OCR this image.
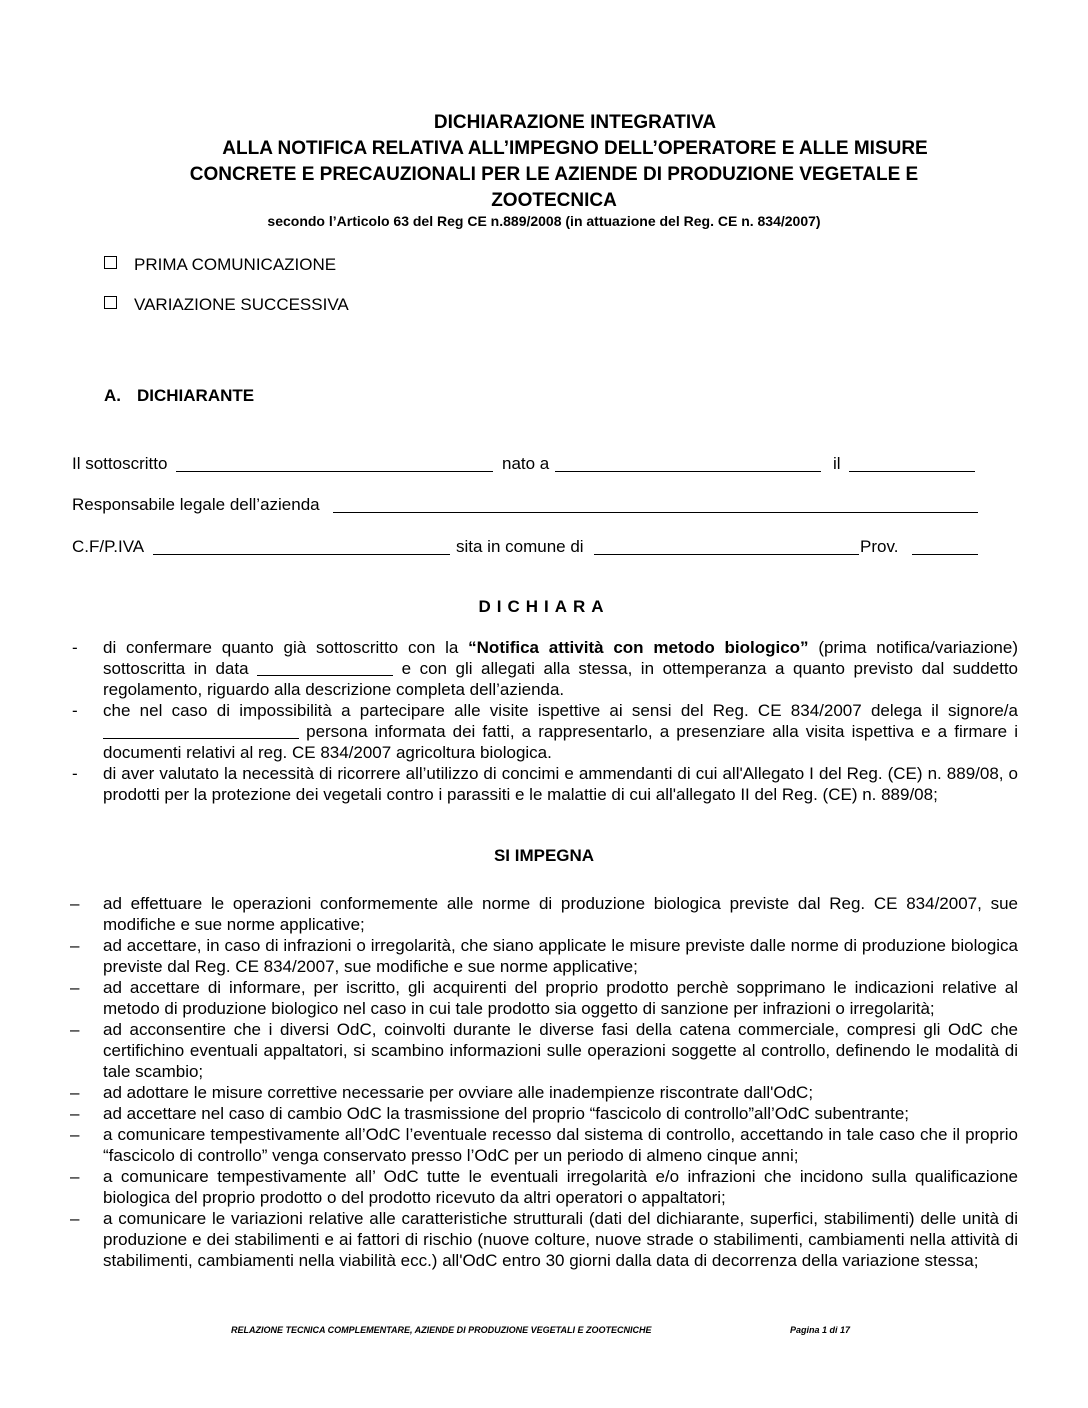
DICHIARAZIONE INTEGRATIVA
ALLA NOTIFICA RELATIVA ALL’IMPEGNO DELL’OPERATORE E ALLE MISURE
CONCRETE E PRECAUZIONALI PER LE AZIENDE DI PRODUZIONE VEGETALE E
ZOOTECNICA
secondo l’Articolo 63 del Reg CE n.889/2008 (in attuazione del Reg. CE n. 834/2007)
PRIMA COMUNICAZIONE
VARIAZIONE SUCCESSIVA
A. DICHIARANTE
Il sottoscritto	nato a	il
Responsabile legale dell’azienda
C.F/P.IVA	sita in comune di	Prov.
DICHIARA
- di confermare quanto già sottoscritto con la “Notifica attività con metodo biologico” (prima notifica/variazione) sottoscritta in data	e con gli allegati alla stessa, in ottemperanza a quanto previsto dal suddetto regolamento, riguardo alla descrizione completa dell’azienda.
- che nel caso di impossibilità a partecipare alle visite ispettive ai sensi del Reg. CE 834/2007 delega il signore/a persona informata dei fatti, a rappresentarlo, a presenziare alla visita ispettiva e a firmare i documenti relativi al reg. CE 834/2007 agricoltura biologica.
- di aver valutato la necessità di ricorrere all’utilizzo di concimi e ammendanti di cui all'Allegato I del Reg. (CE) n. 889/08, o prodotti per la protezione dei vegetali contro i parassiti e le malattie di cui all'allegato II del Reg. (CE) n. 889/08;
SI IMPEGNA
– ad effettuare le operazioni conformemente alle norme di produzione biologica previste dal Reg. CE 834/2007, sue modifiche e sue norme applicative;
– ad accettare, in caso di infrazioni o irregolarità, che siano applicate le misure previste dalle norme di produzione biologica previste dal Reg. CE 834/2007, sue modifiche e sue norme applicative;
– ad accettare di informare, per iscritto, gli acquirenti del proprio prodotto perchè sopprimano le indicazioni relative al metodo di produzione biologico nel caso in cui tale prodotto sia oggetto di sanzione per infrazioni o irregolarità;
– ad acconsentire che i diversi OdC, coinvolti durante le diverse fasi della catena commerciale, compresi gli OdC che certifichino eventuali appaltatori, si scambino informazioni sulle operazioni soggette al controllo, definendo le modalità di tale scambio;
– ad adottare le misure correttive necessarie per ovviare alle inadempienze riscontrate dall'OdC;
– ad accettare nel caso di cambio OdC la trasmissione del proprio “fascicolo di controllo”all’OdC subentrante;
– a comunicare tempestivamente all’OdC l’eventuale recesso dal sistema di controllo, accettando in tale caso che il proprio “fascicolo di controllo” venga conservato presso l’OdC per un periodo di almeno cinque anni;
– a comunicare tempestivamente all’ OdC tutte le eventuali irregolarità e/o infrazioni che incidono sulla qualificazione biologica del proprio prodotto o del prodotto ricevuto da altri operatori o appaltatori;
– a comunicare le variazioni relative alle caratteristiche strutturali (dati del dichiarante, superfici, stabilimenti) delle unità di produzione e dei stabilimenti e ai fattori di rischio (nuove colture, nuove strade o stabilimenti, cambiamenti nella attività di stabilimenti, cambiamenti nella viabilità ecc.) all'OdC entro 30 giorni dalla data di decorrenza della variazione stessa;
RELAZIONE TECNICA COMPLEMENTARE, AZIENDE DI PRODUZIONE VEGETALI E ZOOTECNICHE	Pagina 1 di 17
